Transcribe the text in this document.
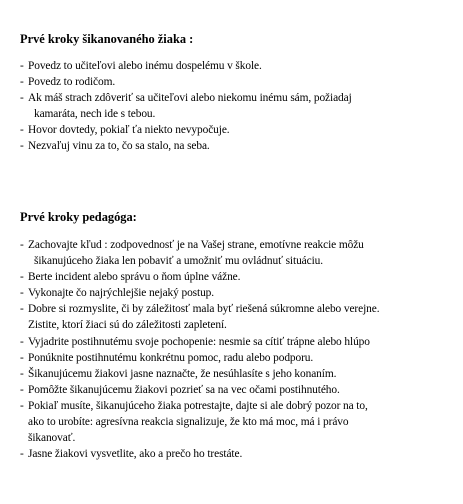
Prvé kroky šikanovaného žiaka :
- Povedz to učiteľovi alebo inému dospelému v škole.
- Povedz to rodičom.
- Ak máš strach zdôveriť sa učiteľovi alebo niekomu inému sám, požiadaj
kamaráta, nech ide s tebou.
- Hovor dovtedy, pokiaľ ťa niekto nevypočuje.
- Nezvaľuj vinu za to, čo sa stalo, na seba.
Prvé kroky pedagóga:
- Zachovajte kľud : zodpovednosť je na Vašej strane, emotívne reakcie môžu
šikanujúceho žiaka len pobaviť a umožniť mu ovládnuť situáciu.
- Berte incident alebo správu o ňom úplne vážne.
- Vykonajte čo najrýchlejšie nejaký postup.
- Dobre si rozmyslite, či by záležitosť mala byť riešená súkromne alebo verejne.
Zistite, ktorí žiaci sú do záležitosti zapletení.
- Vyjadrite postihnutému svoje pochopenie: nesmie sa cítiť trápne alebo hlúpo
- Ponúknite postihnutému konkrétnu pomoc, radu alebo podporu.
- Šikanujúcemu žiakovi jasne naznačte, že nesúhlasíte s jeho konaním.
- Pomôžte šikanujúcemu žiakovi pozrieť sa na vec očami postihnutého.
- Pokiaľ musíte, šikanujúceho žiaka potrestajte, dajte si ale dobrý pozor na to,
ako to urobíte: agresívna reakcia signalizuje, že kto má moc, má i právo
šikanovať.
- Jasne žiakovi vysvetlite, ako a prečo ho trestáte.
